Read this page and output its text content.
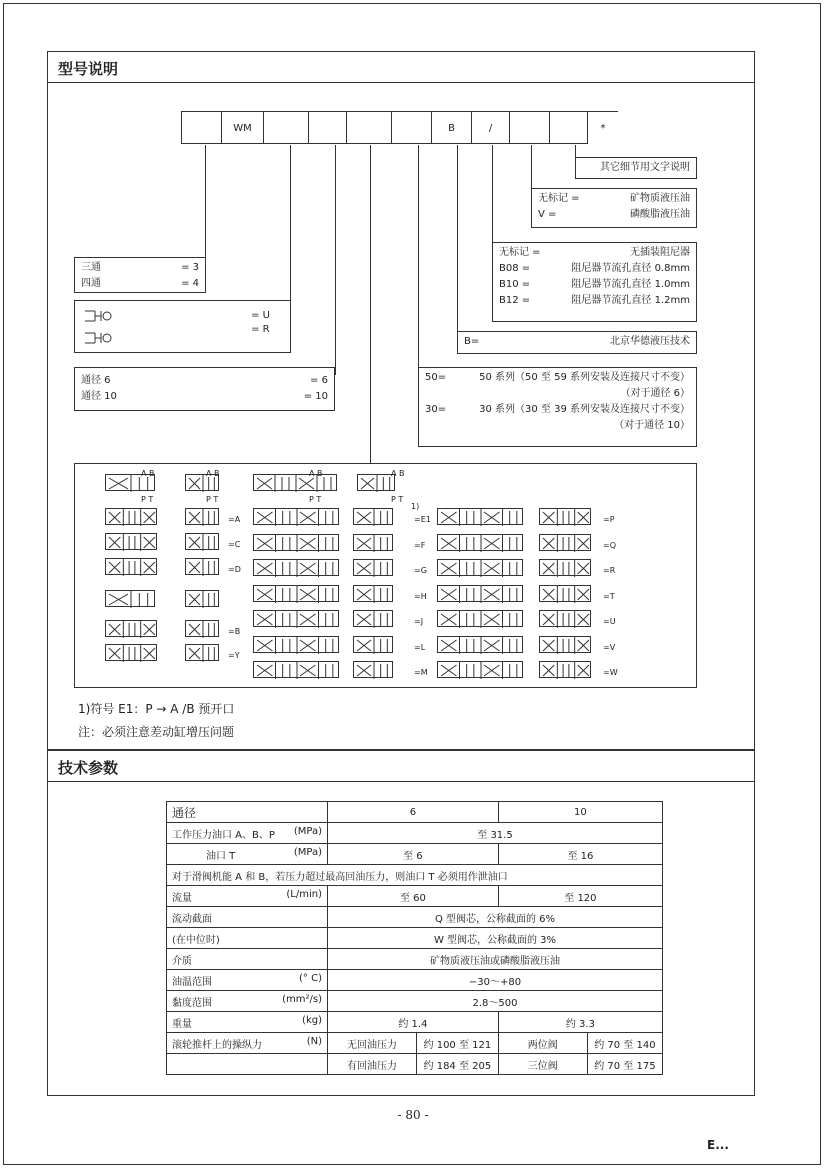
型号说明
WM	B	/	*
其它细节用文字说明
无标记 =	矿物质液压油
V =	磷酸脂液压油
无标记 =	无插装阻尼器
B08 =	阻尼器节流孔直径 0.8mm
B10 =	阻尼器节流孔直径 1.0mm
B12 =	阻尼器节流孔直径 1.2mm
B=	北京华德液压技术
50=	50 系列（50 至 59 系列安装及连接尺寸不变）
（对于通径 6）
30=	30 系列（30 至 39 系列安装及连接尺寸不变）
（对于通径 10）
三通	= 3
四通	= 4
= U
= R
通径 6	= 6
通径 10	= 10
=A
=C
=D
=B
=Y
=E1	=P
=F	=Q
=G	=R
=H	=T
=J	=U
=L	=V
=M	=W
1)
A B
P T
A B
P T
A B
P T
A B
P T
1)符号 E1：P → A /B 预开口
注：必须注意差动缸增压问题
技术参数
通径	6		10	

工作压力油口 A、B、P (MPa)	至 31.5			

油口 T (MPa)	至 6		至 16	
对于滑阀机能 A 和 B，若压力超过最高回油压力，则油口 T 必须用作泄油口				

流量 (L/min)	至 60		至 120	
流动截面	Q 型阀芯，公称截面的 6%			
(在中位时)	W 型阀芯，公称截面的 3%			
介质	矿物质液压油或磷酸脂液压油			

油温范围 (° C)	−30～+80			

黏度范围 (mm²/s)	2.8～500			

重量 (kg)	约 1.4		约 3.3	

滚轮推杆上的操纵力 (N)	无回油压力	约 100 至 121	两位阀	约 70 至 140
	有回油压力	约 184 至 205	三位阀	约 70 至 175
- 80 -
E...
